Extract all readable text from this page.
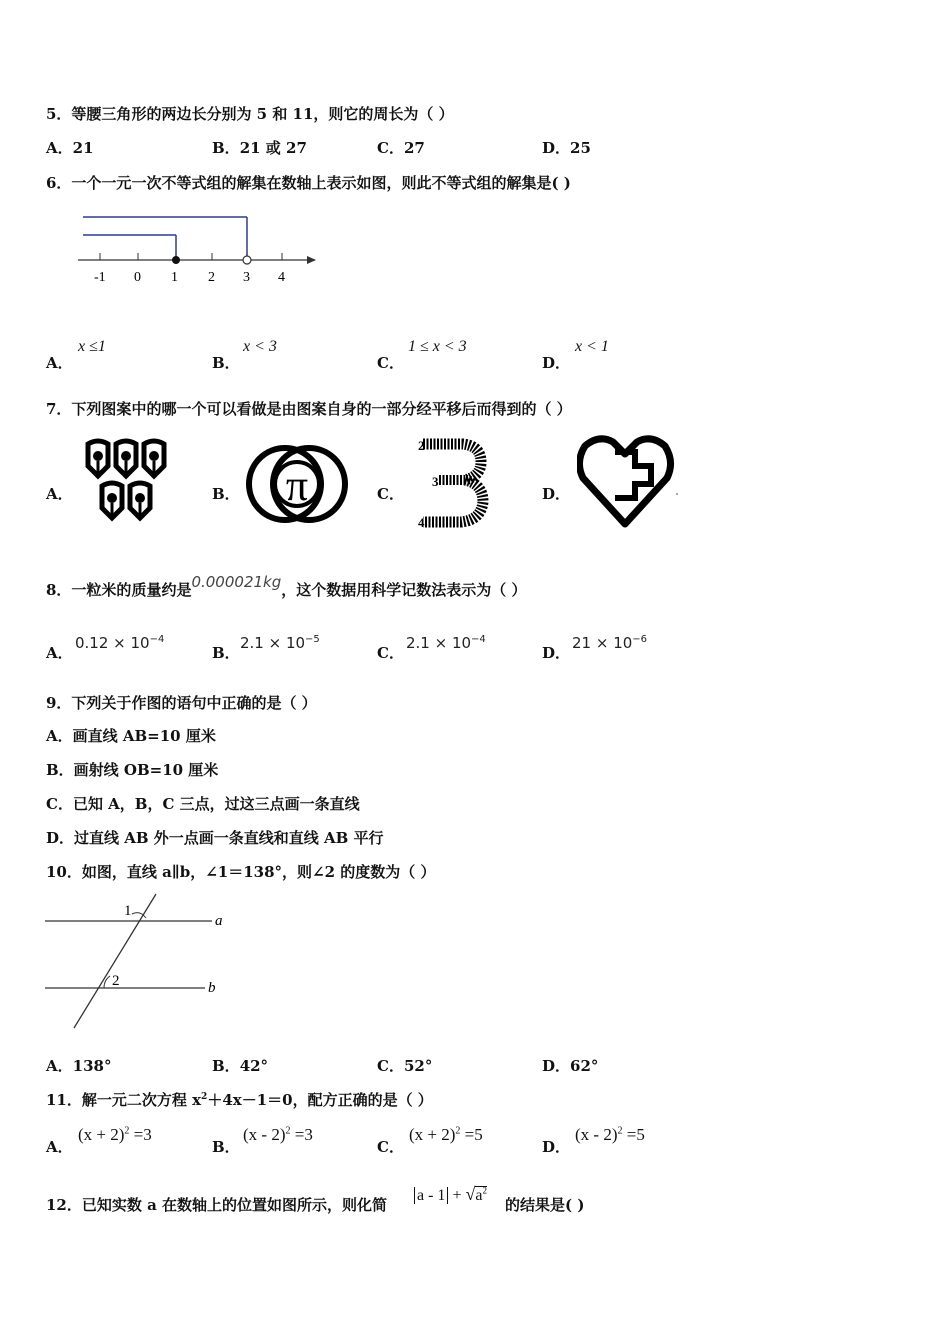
5．等腰三角形的两边长分别为 5 和 11，则它的周长为（ ）
A．21	B．21 或 27	C．27	D．25
6．一个一元一次不等式组的解集在数轴上表示如图，则此不等式组的解集是( )
-1 0 1 2 3 4
A．
x ≤1
B．
x < 3
C．
1 ≤ x < 3
D．
x < 1
7．下列图案中的哪一个可以看做是由图案自身的一部分经平移后而得到的（ ）
A．	B． π	C．
2
3
4
D．
8．一粒米的质量约是0.000021kg，这个数据用科学记数法表示为（ ）
A．
$0.12 \times 10^{-4}$
B．
$2.1 \times 10^{-5}$
C．
$2.1 \times 10^{-4}$
D．
$21 \times 10^{-6}$
9．下列关于作图的语句中正确的是（ ）
A．画直线 AB=10 厘米
B．画射线 OB=10 厘米
C．已知 A，B，C 三点，过这三点画一条直线
D．过直线 AB 外一点画一条直线和直线 AB 平行
10．如图，直线 a∥b，∠1＝138°，则∠2 的度数为（ ）
1
2
a
b
A．138°	B．42°	C．52°	D．62°
11．解一元二次方程 $x^2+4x-1=0$，配方正确的是（ ）
A．
$(x + 2)^2 =3$
B．
(x - 2)$^2$ =3
C．
$(x + 2)^2 =5$
D．
(x - 2)$^2$ =5
12．已知实数 a 在数轴上的位置如图所示，则化简
$a - 1 + √a^2$
的结果是( )
